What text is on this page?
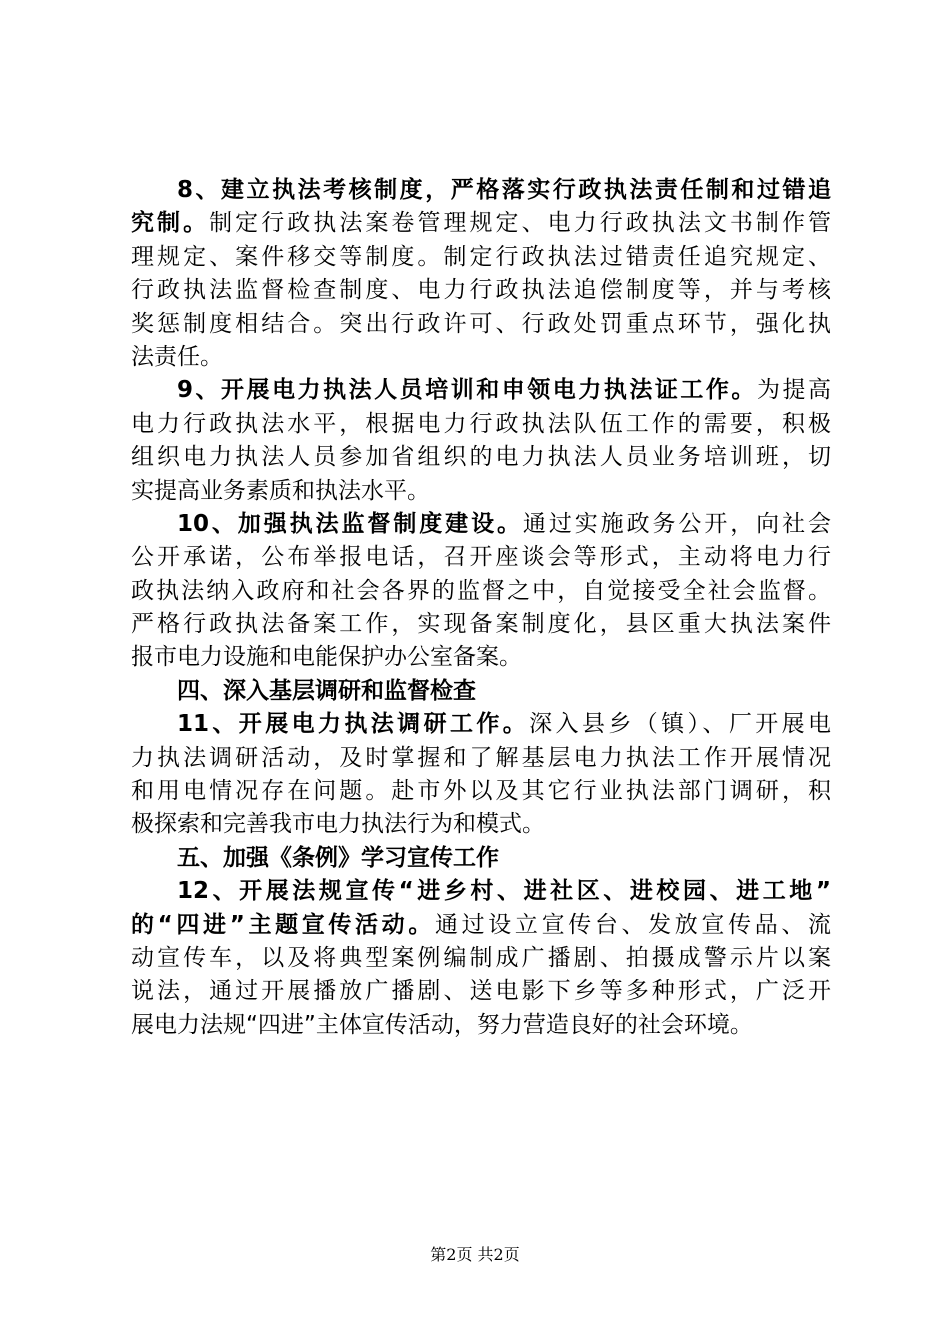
8、建立执法考核制度，严格落实行政执法责任制和过错追
究制。制定行政执法案卷管理规定、电力行政执法文书制作管
理规定、案件移交等制度。制定行政执法过错责任追究规定、
行政执法监督检查制度、电力行政执法追偿制度等，并与考核
奖惩制度相结合。突出行政许可、行政处罚重点环节，强化执
法责任。
9、开展电力执法人员培训和申领电力执法证工作。为提高
电力行政执法水平，根据电力行政执法队伍工作的需要，积极
组织电力执法人员参加省组织的电力执法人员业务培训班，切
实提高业务素质和执法水平。
10、加强执法监督制度建设。通过实施政务公开，向社会
公开承诺，公布举报电话，召开座谈会等形式，主动将电力行
政执法纳入政府和社会各界的监督之中，自觉接受全社会监督。
严格行政执法备案工作，实现备案制度化，县区重大执法案件
报市电力设施和电能保护办公室备案。
四、深入基层调研和监督检查
11、开展电力执法调研工作。深入县乡（镇）、厂开展电
力执法调研活动，及时掌握和了解基层电力执法工作开展情况
和用电情况存在问题。赴市外以及其它行业执法部门调研，积
极探索和完善我市电力执法行为和模式。
五、加强《条例》学习宣传工作
12、开展法规宣传“进乡村、进社区、进校园、进工地”
的“四进”主题宣传活动。通过设立宣传台、发放宣传品、流
动宣传车，以及将典型案例编制成广播剧、拍摄成警示片以案
说法，通过开展播放广播剧、送电影下乡等多种形式，广泛开
展电力法规“四进”主体宣传活动，努力营造良好的社会环境。
第2页 共2页
